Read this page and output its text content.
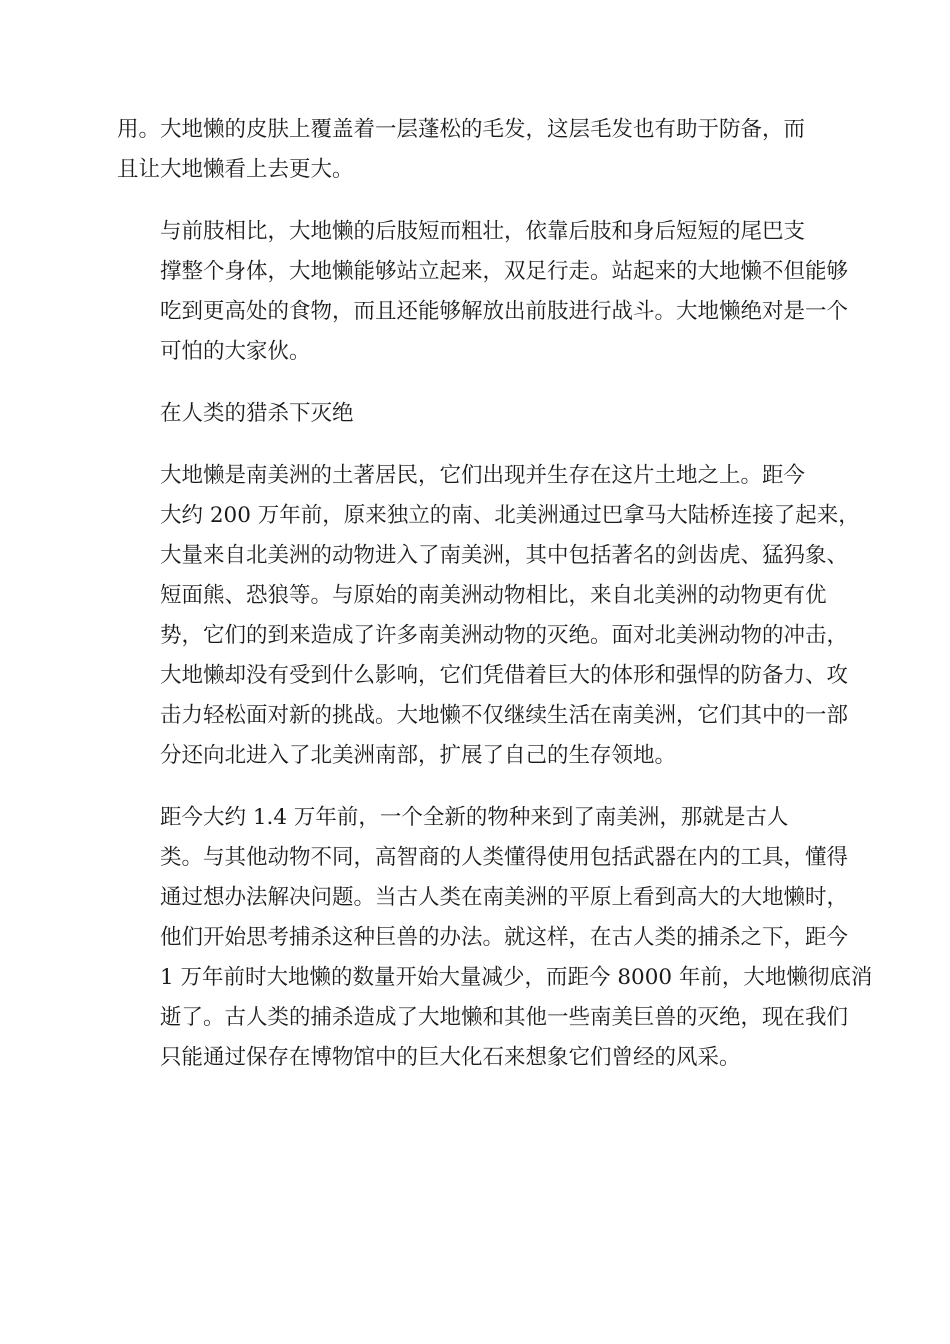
用。大地懒的皮肤上覆盖着一层蓬松的毛发，这层毛发也有助于防备，而
且让大地懒看上去更大。

与前肢相比，大地懒的后肢短而粗壮，依靠后肢和身后短短的尾巴支
撑整个身体，大地懒能够站立起来，双足行走。站起来的大地懒不但能够
吃到更高处的食物，而且还能够解放出前肢进行战斗。大地懒绝对是一个
可怕的大家伙。

在人类的猎杀下灭绝

大地懒是南美洲的土著居民，它们出现并生存在这片土地之上。距今
大约 200 万年前，原来独立的南、北美洲通过巴拿马大陆桥连接了起来，
大量来自北美洲的动物进入了南美洲，其中包括著名的剑齿虎、猛犸象、
短面熊、恐狼等。与原始的南美洲动物相比，来自北美洲的动物更有优
势，它们的到来造成了许多南美洲动物的灭绝。面对北美洲动物的冲击，
大地懒却没有受到什么影响，它们凭借着巨大的体形和强悍的防备力、攻
击力轻松面对新的挑战。大地懒不仅继续生活在南美洲，它们其中的一部
分还向北进入了北美洲南部，扩展了自己的生存领地。

距今大约 1.4 万年前，一个全新的物种来到了南美洲，那就是古人
类。与其他动物不同，高智商的人类懂得使用包括武器在内的工具，懂得
通过想办法解决问题。当古人类在南美洲的平原上看到高大的大地懒时，
他们开始思考捕杀这种巨兽的办法。就这样，在古人类的捕杀之下，距今
1 万年前时大地懒的数量开始大量减少，而距今 8000 年前，大地懒彻底消
逝了。古人类的捕杀造成了大地懒和其他一些南美巨兽的灭绝，现在我们
只能通过保存在博物馆中的巨大化石来想象它们曾经的风采。
